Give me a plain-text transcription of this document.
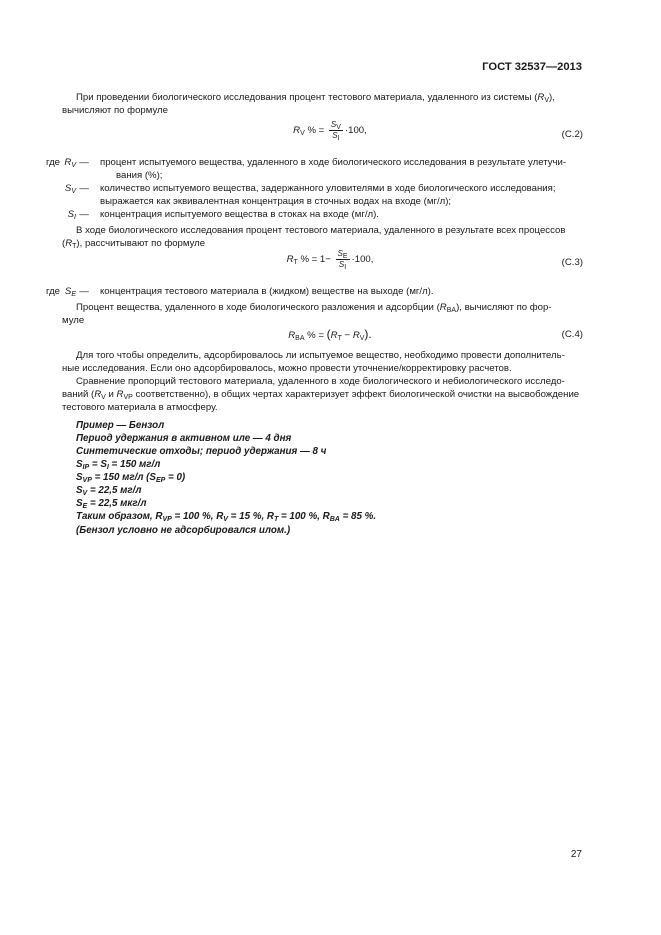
ГОСТ 32537—2013
При проведении биологического исследования процент тестового материала, удаленного из системы $(R_V)$,
вычисляют по формуле
$R_V$ % = $\frac{S_V}{S_I} \cdot 100$,	(C.2)
где $R_V$ —	процент испытуемого вещества, удаленного в ходе биологического исследования в результате улетучи-
вания (%);
$S_V$ —	количество испытуемого вещества, задержанного уловителями в ходе биологического исследования;
выражается как эквивалентная концентрация в сточных водах на входе (мг/л);
$S_I$ —	концентрация испытуемого вещества в стоках на входе (мг/л).
В ходе биологического исследования процент тестового материала, удаленного в результате всех процессов
$(R_T)$, рассчитывают по формуле
$R_T$ % = $1- \frac{S_E}{S_I} \cdot 100$,	(C.3)
где $S_E$ —	концентрация тестового материала в (жидком) веществе на выходе (мг/л).
Процент вещества, удаленного в ходе биологического разложения и адсорбции $(R_{BA})$, вычисляют по фор-
муле
$R_{BA}$ % = $(R_T - R_V)$.	(C.4)
Для того чтобы определить, адсорбировалось ли испытуемое вещество, необходимо провести дополнитель-
ные исследования. Если оно адсорбировалось, можно провести уточнение/корректировку расчетов.
Сравнение пропорций тестового материала, удаленного в ходе биологического и небиологического исследо-
ваний ($R_V$ и $R_{VP}$ соответственно), в общих чертах характеризует эффект биологической очистки на высвобождение
тестового материала в атмосферу.
Пример — Бензол
Период удержания в активном иле — 4 дня
Синтетические отходы; период удержания — 8 ч
$S_{IP} = S_I = 150$ мг/л
$S_{VP} = 150$ мг/л $(S_{EP} = 0)$
$S_V = 22,5$ мг/л
$S_E = 22,5$ мкг/л
Таким образом, $R_{VP} = 100$ %, $R_V = 15$ %, $R_T = 100$ %, $R_{BA} = 85$ %.
(Бензол условно не адсорбировался илом.)
27
